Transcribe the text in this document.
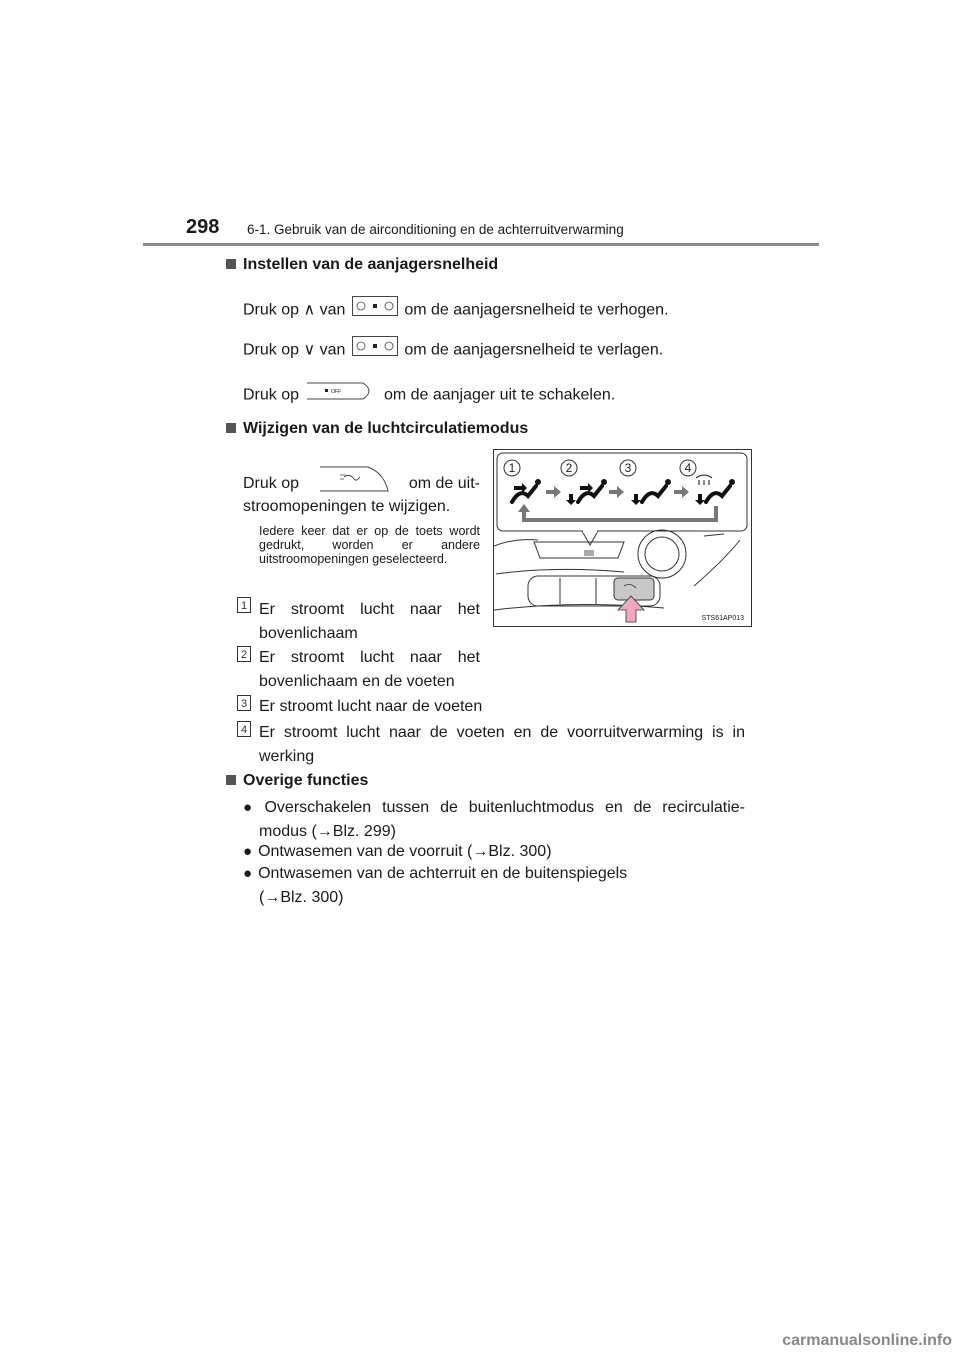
298 6-1. Gebruik van de airconditioning en de achterruitverwarming
Instellen van de aanjagersnelheid
Druk op ∧ van	om de aanjagersnelheid te verhogen.
Druk op ∨ van	om de aanjagersnelheid te verlagen.
Druk op	OFF	om de aanjager uit te schakelen.
Wijzigen van de luchtcirculatiemodus
Druk op	om de uit-
stroomopeningen te wijzigen.
Iedere keer dat er op de toets wordt gedrukt, worden er andere uitstroomopeningen geselecteerd.
1 Er stroomt lucht naar het bovenlichaam
2 Er stroomt lucht naar het bovenlichaam en de voeten
3 Er stroomt lucht naar de voeten
4 Er stroomt lucht naar de voeten en de voorruitverwarming is in werking
1	2	3	4
STS61AP013
Overige functies
● Overschakelen tussen de buitenluchtmodus en de recirculatie-
modus (→Blz. 299)
● Ontwasemen van de voorruit (→Blz. 300)
● Ontwasemen van de achterruit en de buitenspiegels
(→Blz. 300)
carmanualsonline.info
